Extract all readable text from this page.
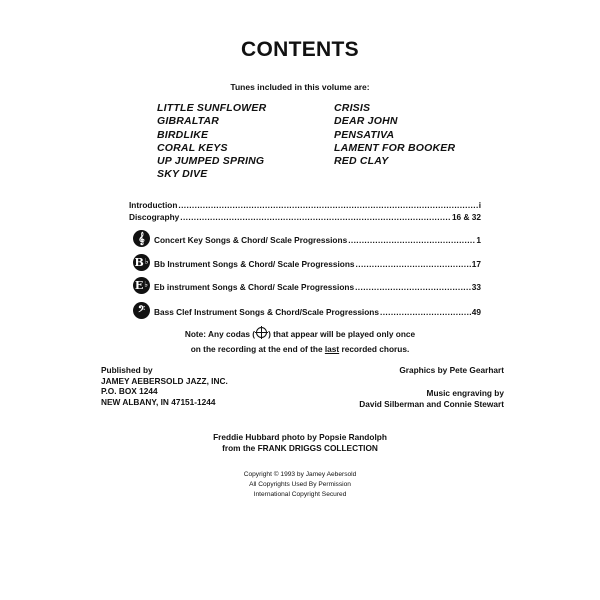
CONTENTS
Tunes included in this volume are:
LITTLE SUNFLOWER
GIBRALTAR
BIRDLIKE
CORAL KEYS
UP JUMPED SPRING
SKY DIVE
CRISIS
DEAR JOHN
PENSATIVA
LAMENT FOR BOOKER
RED CLAY
Introduction .....	i
Discography .....	16 & 32
𝄞 Concert Key Songs & Chord/ Scale Progressions .....	1
B ♭ Bb Instrument Songs & Chord/ Scale Progressions .....	17
E ♭ Eb instrument Songs & Chord/ Scale Progressions .....	33
𝄢 Bass Clef Instrument Songs & Chord/Scale Progressions .....	49
Note: Any codas ( ) that appear will be played only once
on the recording at the end of the last recorded chorus.
Published by
JAMEY AEBERSOLD JAZZ, INC.
P.O. BOX 1244
NEW ALBANY, IN 47151-1244
Graphics by Pete Gearhart
Music engraving by
David Silberman and Connie Stewart
Freddie Hubbard photo by Popsie Randolph
from the FRANK DRIGGS COLLECTION
Copyright © 1993 by Jamey Aebersold
All Copyrights Used By Permission
International Copyright Secured
